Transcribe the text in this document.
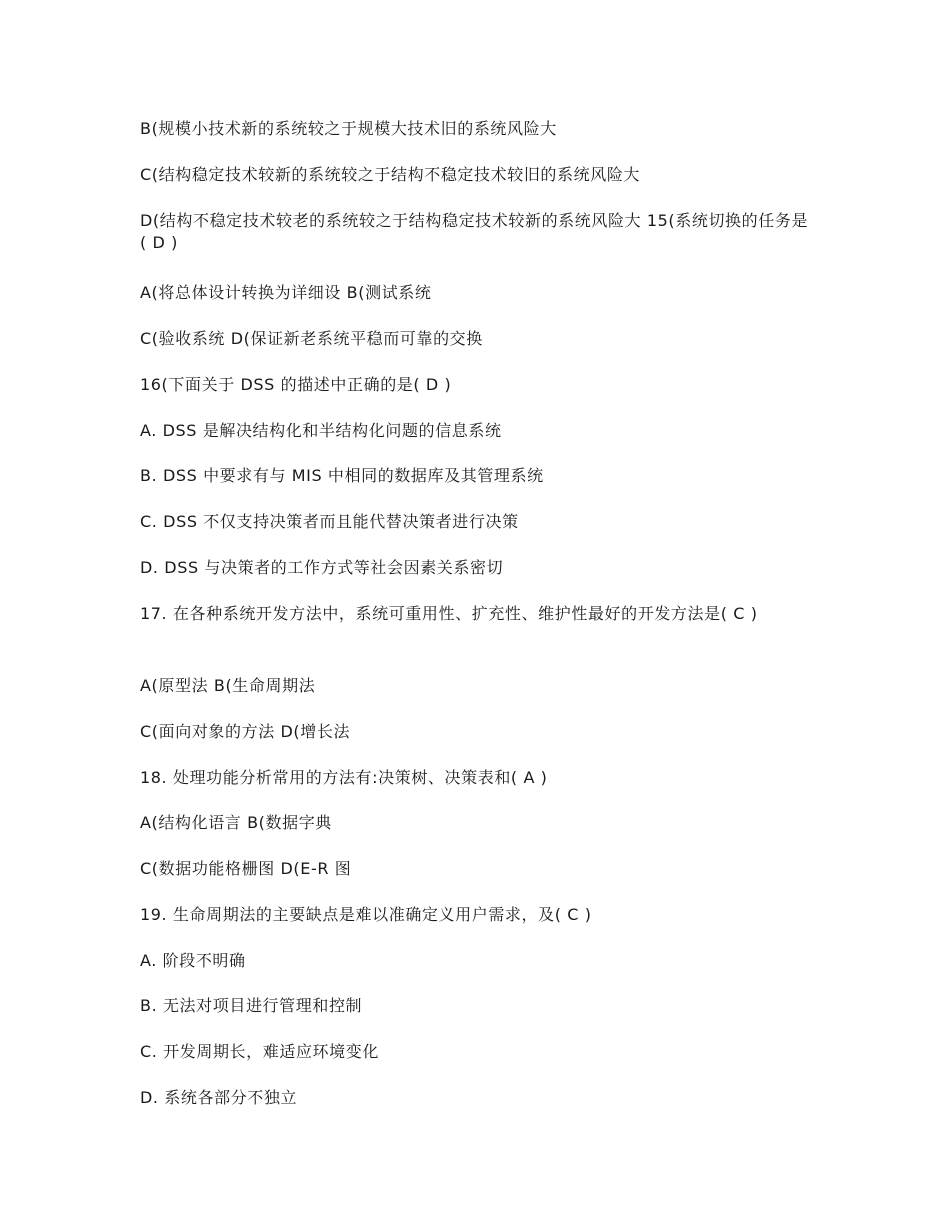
B(规模小技术新的系统较之于规模大技术旧的系统风险大
C(结构稳定技术较新的系统较之于结构不稳定技术较旧的系统风险大
D(结构不稳定技术较老的系统较之于结构稳定技术较新的系统风险大 15(系统切换的任务是( D )
A(将总体设计转换为详细设 B(测试系统
C(验收系统 D(保证新老系统平稳而可靠的交换
16(下面关于 DSS 的描述中正确的是( D )
A. DSS 是解决结构化和半结构化问题的信息系统
B. DSS 中要求有与 MIS 中相同的数据库及其管理系统
C. DSS 不仅支持决策者而且能代替决策者进行决策
D. DSS 与决策者的工作方式等社会因素关系密切
17. 在各种系统开发方法中，系统可重用性、扩充性、维护性最好的开发方法是( C )
A(原型法 B(生命周期法
C(面向对象的方法 D(增长法
18. 处理功能分析常用的方法有:决策树、决策表和( A )
A(结构化语言 B(数据字典
C(数据功能格栅图 D(E-R 图
19. 生命周期法的主要缺点是难以准确定义用户需求，及( C )
A. 阶段不明确
B. 无法对项目进行管理和控制
C. 开发周期长，难适应环境变化
D. 系统各部分不独立
